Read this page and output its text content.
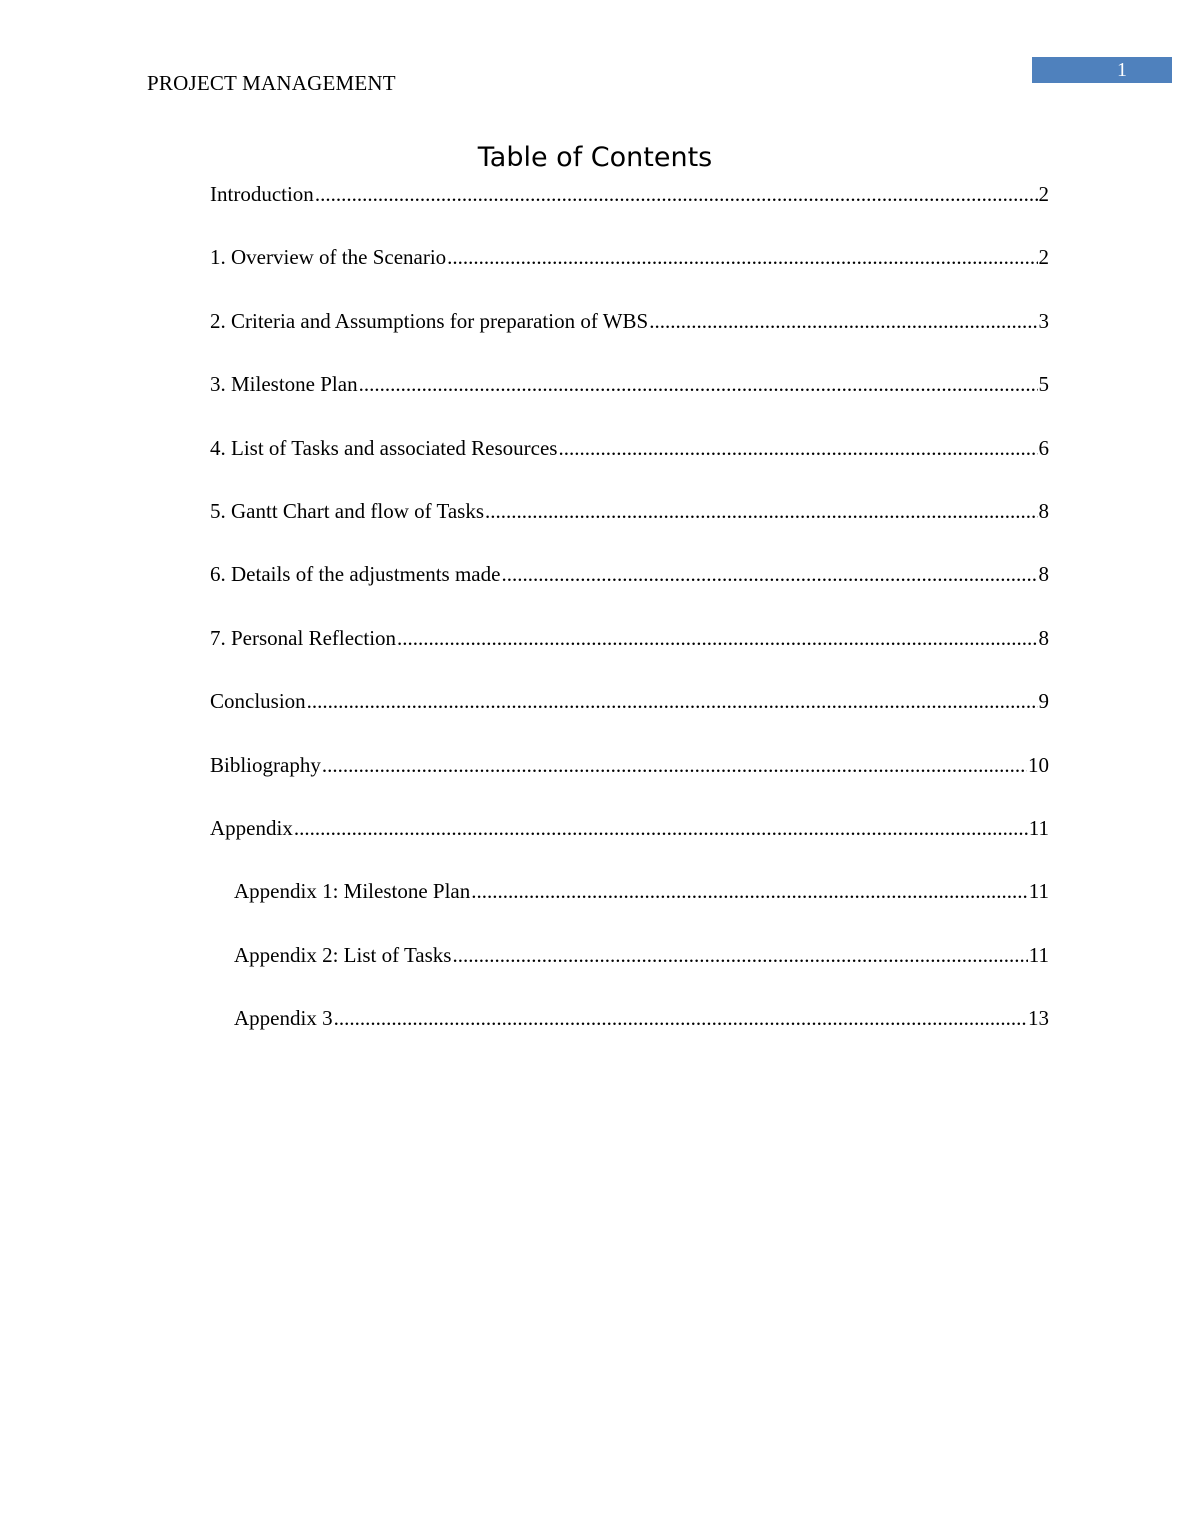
PROJECT MANAGEMENT
1
Table of Contents
Introduction .....	2
1. Overview of the Scenario .....	2
2. Criteria and Assumptions for preparation of WBS .....	3
3. Milestone Plan .....	5
4. List of Tasks and associated Resources .....	6
5. Gantt Chart and flow of Tasks .....	8
6. Details of the adjustments made .....	8
7. Personal Reflection .....	8
Conclusion .....	9
Bibliography .....	10
Appendix .....	11
Appendix 1: Milestone Plan .....	11
Appendix 2: List of Tasks .....	11
Appendix 3 .....	13
